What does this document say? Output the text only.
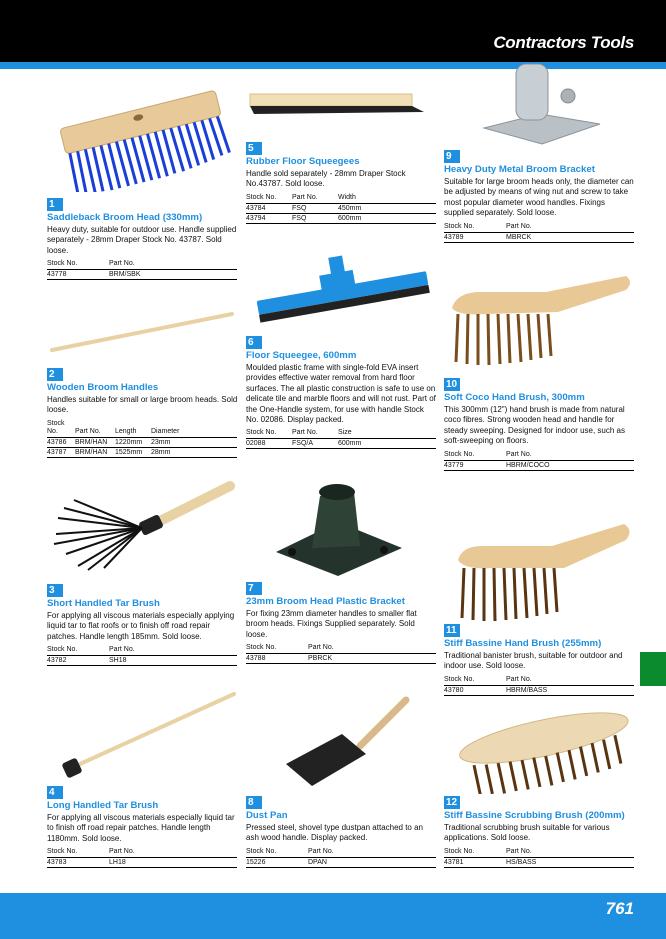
Contractors Tools
761
1
Saddleback Broom Head (330mm)
Heavy duty, suitable for outdoor use. Handle supplied separately - 28mm Draper Stock No. 43787. Sold loose.
Stock No.	Part No.
43778	BRM/SBK
2
Wooden Broom Handles
Handles suitable for small or large broom heads. Sold loose.
Stock No.	Part No.	Length	Diameter
43786	BRM/HAN	1220mm	23mm
43787	BRM/HAN	1525mm	28mm
3
Short Handled Tar Brush
For applying all viscous materials especially applying liquid tar to flat roofs or to finish off road repair patches. Handle length 185mm. Sold loose.
Stock No.	Part No.
43782	SH18
4
Long Handled Tar Brush
For applying all viscous materials especially liquid tar to finish off road repair patches. Handle length 1180mm. Sold loose.
Stock No.	Part No.
43783	LH18
5
Rubber Floor Squeegees
Handle sold separately - 28mm Draper Stock No.43787. Sold loose.
Stock No.	Part No.	Width
43784	FSQ	450mm
43794	FSQ	600mm
6
Floor Squeegee, 600mm
Moulded plastic frame with single-fold EVA insert provides effective water removal from hard floor surfaces. The all plastic construction is safe to use on delicate tile and marble floors and will not rust. Part of the One-Handle system, for use with handle Stock No. 02086. Display packed.
Stock No.	Part No.	Size
02088	FSQ/A	600mm
7
23mm Broom Head Plastic Bracket
For fixing 23mm diameter handles to smaller flat broom heads. Fixings Supplied separately. Sold loose.
Stock No.	Part No.
43788	PBRCK
8
Dust Pan
Pressed steel, shovel type dustpan attached to an ash wood handle. Display packed.
Stock No.	Part No.
15226	DPAN
9
Heavy Duty Metal Broom Bracket
Suitable for large broom heads only, the diameter can be adjusted by means of wing nut and screw to take most popular diameter wood handles. Fixings supplied separately. Sold loose.
Stock No.	Part No.
43789	MBRCK
10
Soft Coco Hand Brush, 300mm
This 300mm (12") hand brush is made from natural coco fibres. Strong wooden head and handle for steady sweeping. Designed for indoor use, such as soft-sweeping on floors.
Stock No.	Part No.
43779	HBRM/COCO
11
Stiff Bassine Hand Brush (255mm)
Traditional banister brush, suitable for outdoor and indoor use. Sold loose.
Stock No.	Part No.
43780	HBRM/BASS
12
Stiff Bassine Scrubbing Brush (200mm)
Traditional scrubbing brush suitable for various applications. Sold loose.
Stock No.	Part No.
43781	HS/BASS
